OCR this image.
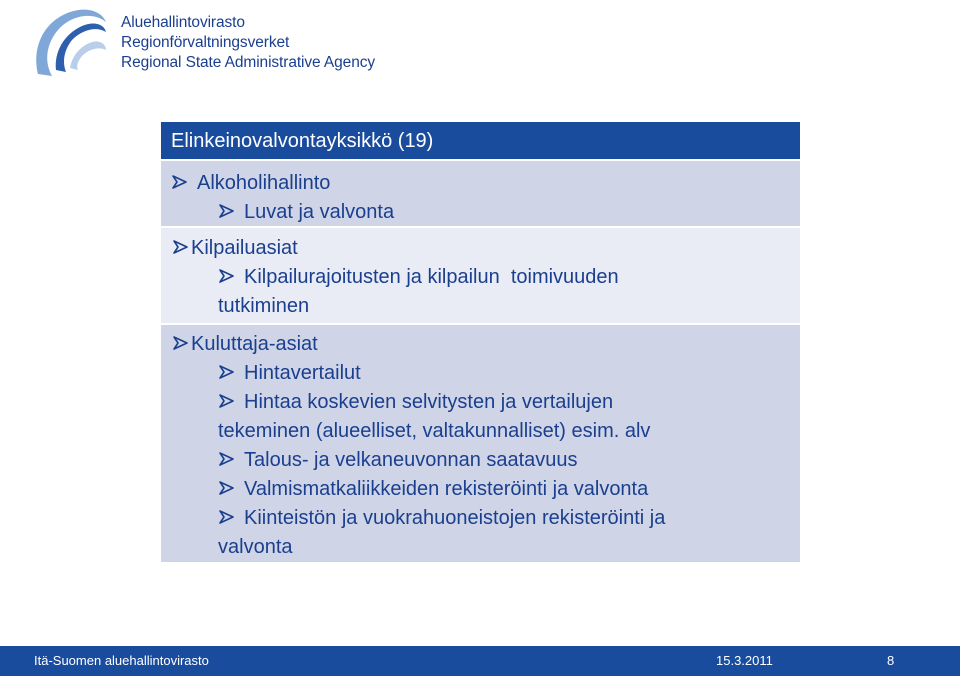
Aluehallintovirasto
Regionförvaltningsverket
Regional State Administrative Agency
Elinkeinovalvontayksikkö (19)
Alkoholihallinto
Luvat ja valvonta
Kilpailuasiat
Kilpailurajoitusten ja kilpailun  toimivuuden
tutkiminen
Kuluttaja-asiat
Hintavertailut
Hintaa koskevien selvitysten ja vertailujen
tekeminen (alueelliset, valtakunnalliset) esim. alv
Talous- ja velkaneuvonnan saatavuus
Valmismatkaliikkeiden rekisteröinti ja valvonta
Kiinteistön ja vuokrahuoneistojen rekisteröinti ja
valvonta
Itä-Suomen aluehallintovirasto	15.3.2011	8
